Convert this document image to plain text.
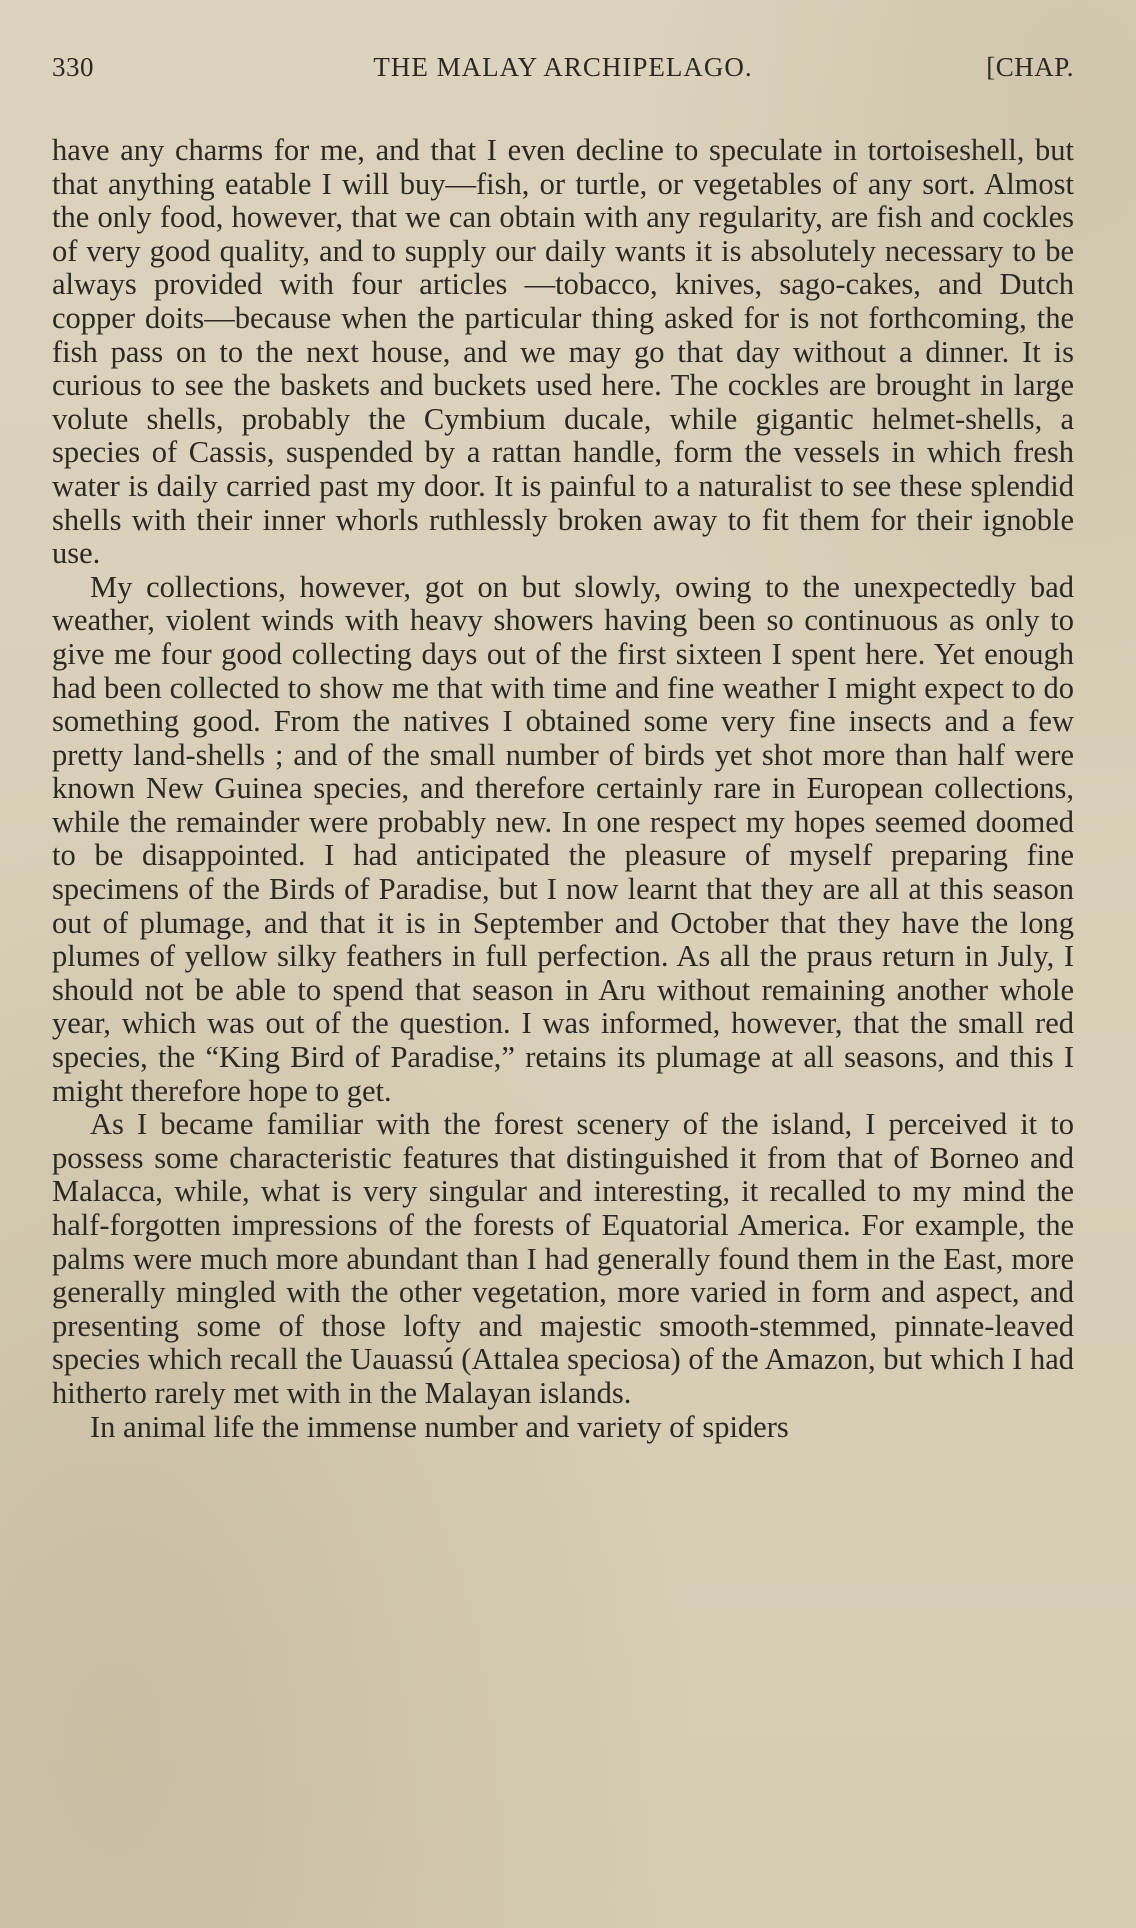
330	THE MALAY ARCHIPELAGO.	[CHAP.

have any charms for me, and that I even decline to speculate in tortoiseshell, but that anything eatable I will buy—fish, or turtle, or vegetables of any sort. Almost the only food, however, that we can obtain with any regularity, are fish and cockles of very good quality, and to supply our daily wants it is absolutely necessary to be always provided with four articles —tobacco, knives, sago-cakes, and Dutch copper doits—because when the particular thing asked for is not forthcoming, the fish pass on to the next house, and we may go that day without a dinner. It is curious to see the baskets and buckets used here. The cockles are brought in large volute shells, probably the Cymbium ducale, while gigantic helmet-shells, a species of Cassis, suspended by a rattan handle, form the vessels in which fresh water is daily carried past my door. It is painful to a naturalist to see these splendid shells with their inner whorls ruthlessly broken away to fit them for their ignoble use.

My collections, however, got on but slowly, owing to the unexpectedly bad weather, violent winds with heavy showers having been so continuous as only to give me four good collecting days out of the first sixteen I spent here. Yet enough had been collected to show me that with time and fine weather I might expect to do something good. From the natives I obtained some very fine insects and a few pretty land-shells ; and of the small number of birds yet shot more than half were known New Guinea species, and therefore certainly rare in European collections, while the remainder were probably new. In one respect my hopes seemed doomed to be disappointed. I had anticipated the pleasure of myself preparing fine specimens of the Birds of Paradise, but I now learnt that they are all at this season out of plumage, and that it is in September and October that they have the long plumes of yellow silky feathers in full perfection. As all the praus return in July, I should not be able to spend that season in Aru without remaining another whole year, which was out of the question. I was informed, however, that the small red species, the “King Bird of Paradise,” retains its plumage at all seasons, and this I might therefore hope to get.

As I became familiar with the forest scenery of the island, I perceived it to possess some characteristic features that distinguished it from that of Borneo and Malacca, while, what is very singular and interesting, it recalled to my mind the half-forgotten impressions of the forests of Equatorial America. For example, the palms were much more abundant than I had generally found them in the East, more generally mingled with the other vegetation, more varied in form and aspect, and presenting some of those lofty and majestic smooth-stemmed, pinnate-leaved species which recall the Uauassú (Attalea speciosa) of the Amazon, but which I had hitherto rarely met with in the Malayan islands.

In animal life the immense number and variety of spiders
